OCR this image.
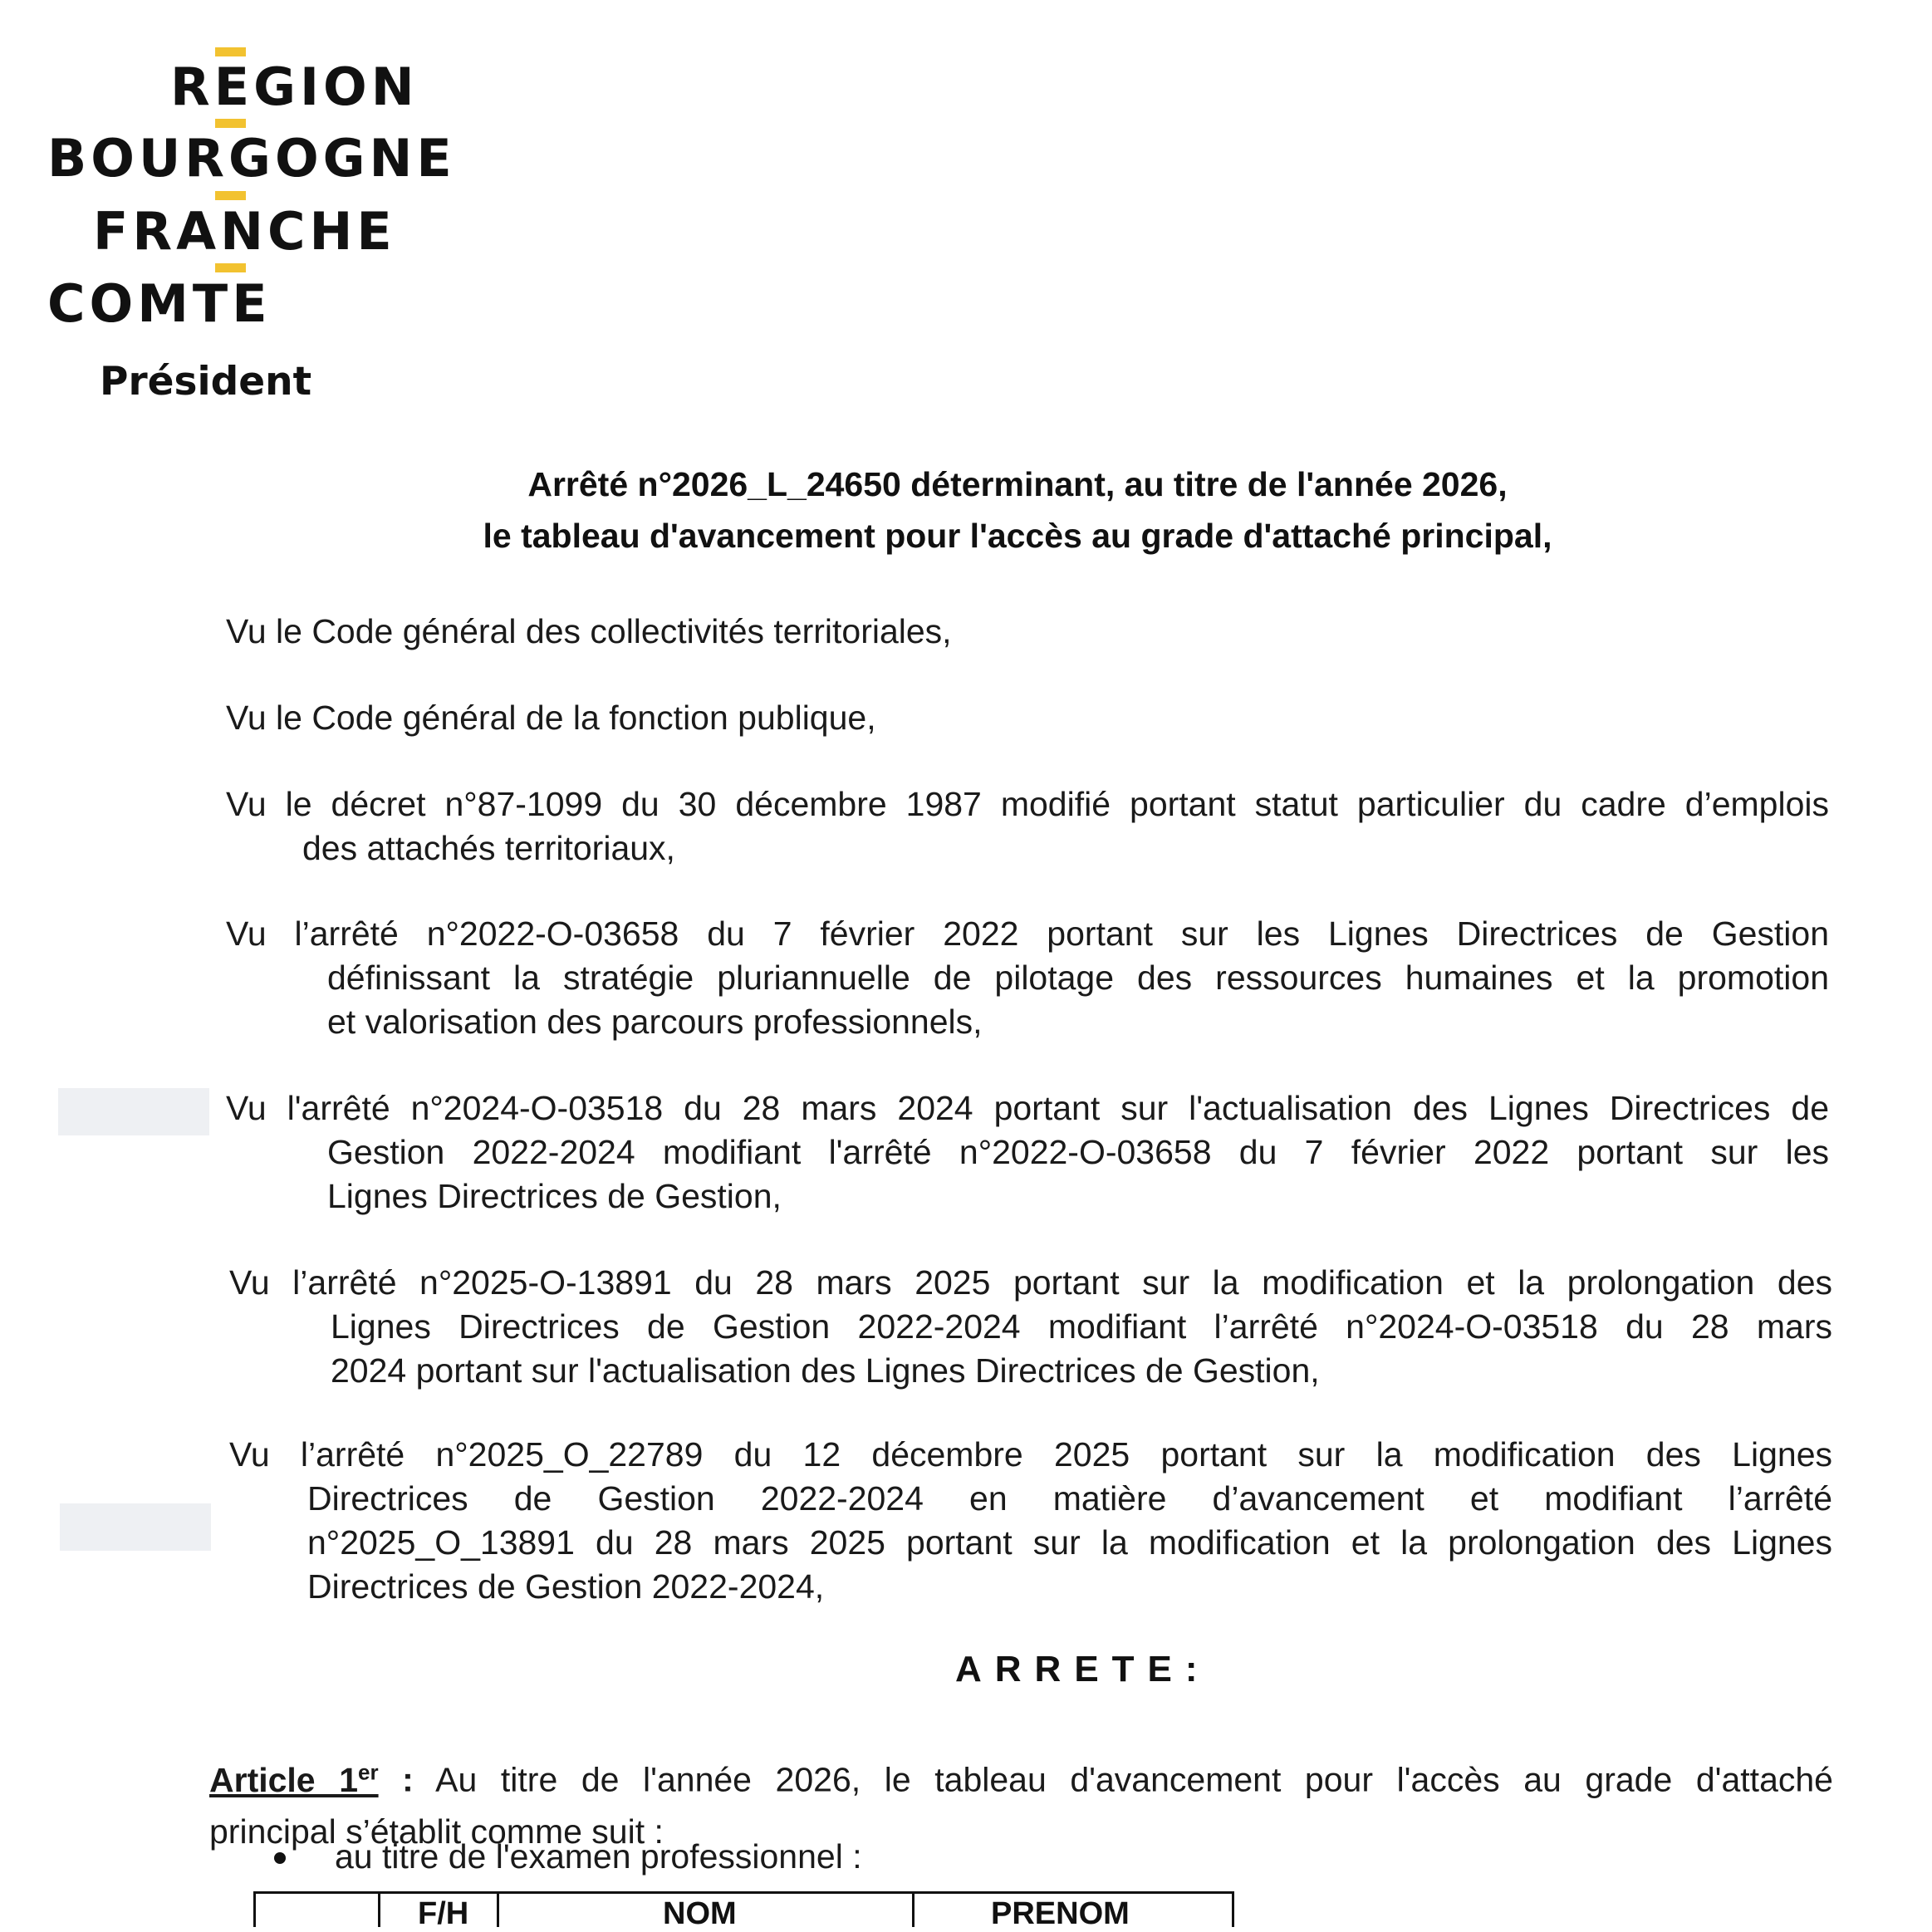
REGION
BOURGOGNE
FRANCHE
COMTE
Président
Arrêté n°2026_L_24650 déterminant, au titre de l'année 2026,
le tableau d'avancement pour l'accès au grade d'attaché principal,
Vu le Code général des collectivités territoriales,
Vu le Code général de la fonction publique,
Vu le décret n°87-1099 du 30 décembre 1987 modifié portant statut particulier du cadre d’emplois
des attachés territoriaux,
Vu l’arrêté n°2022-O-03658 du 7 février 2022 portant sur les Lignes Directrices de Gestion
définissant la stratégie pluriannuelle de pilotage des ressources humaines et la promotion
et valorisation des parcours professionnels,
Vu l'arrêté n°2024-O-03518 du 28 mars 2024 portant sur l'actualisation des Lignes Directrices de
Gestion 2022-2024 modifiant l'arrêté n°2022-O-03658 du 7 février 2022 portant sur les
Lignes Directrices de Gestion,
Vu l’arrêté n°2025-O-13891 du 28 mars 2025 portant sur la modification et la prolongation des
Lignes Directrices de Gestion 2022-2024 modifiant l’arrêté n°2024-O-03518 du 28 mars
2024 portant sur l'actualisation des Lignes Directrices de Gestion,
Vu l’arrêté n°2025_O_22789 du 12 décembre 2025 portant sur la modification des Lignes
Directrices de Gestion 2022-2024 en matière d’avancement et modifiant l’arrêté
n°2025_O_13891 du 28 mars 2025 portant sur la modification et la prolongation des Lignes
Directrices de Gestion 2022-2024,
ARRETE:
Article 1er : Au titre de l'année 2026, le tableau d'avancement pour l'accès au grade d'attaché
principal s’établit comme suit :
au titre de l'examen professionnel :
F/H	NOM	PRENOM
